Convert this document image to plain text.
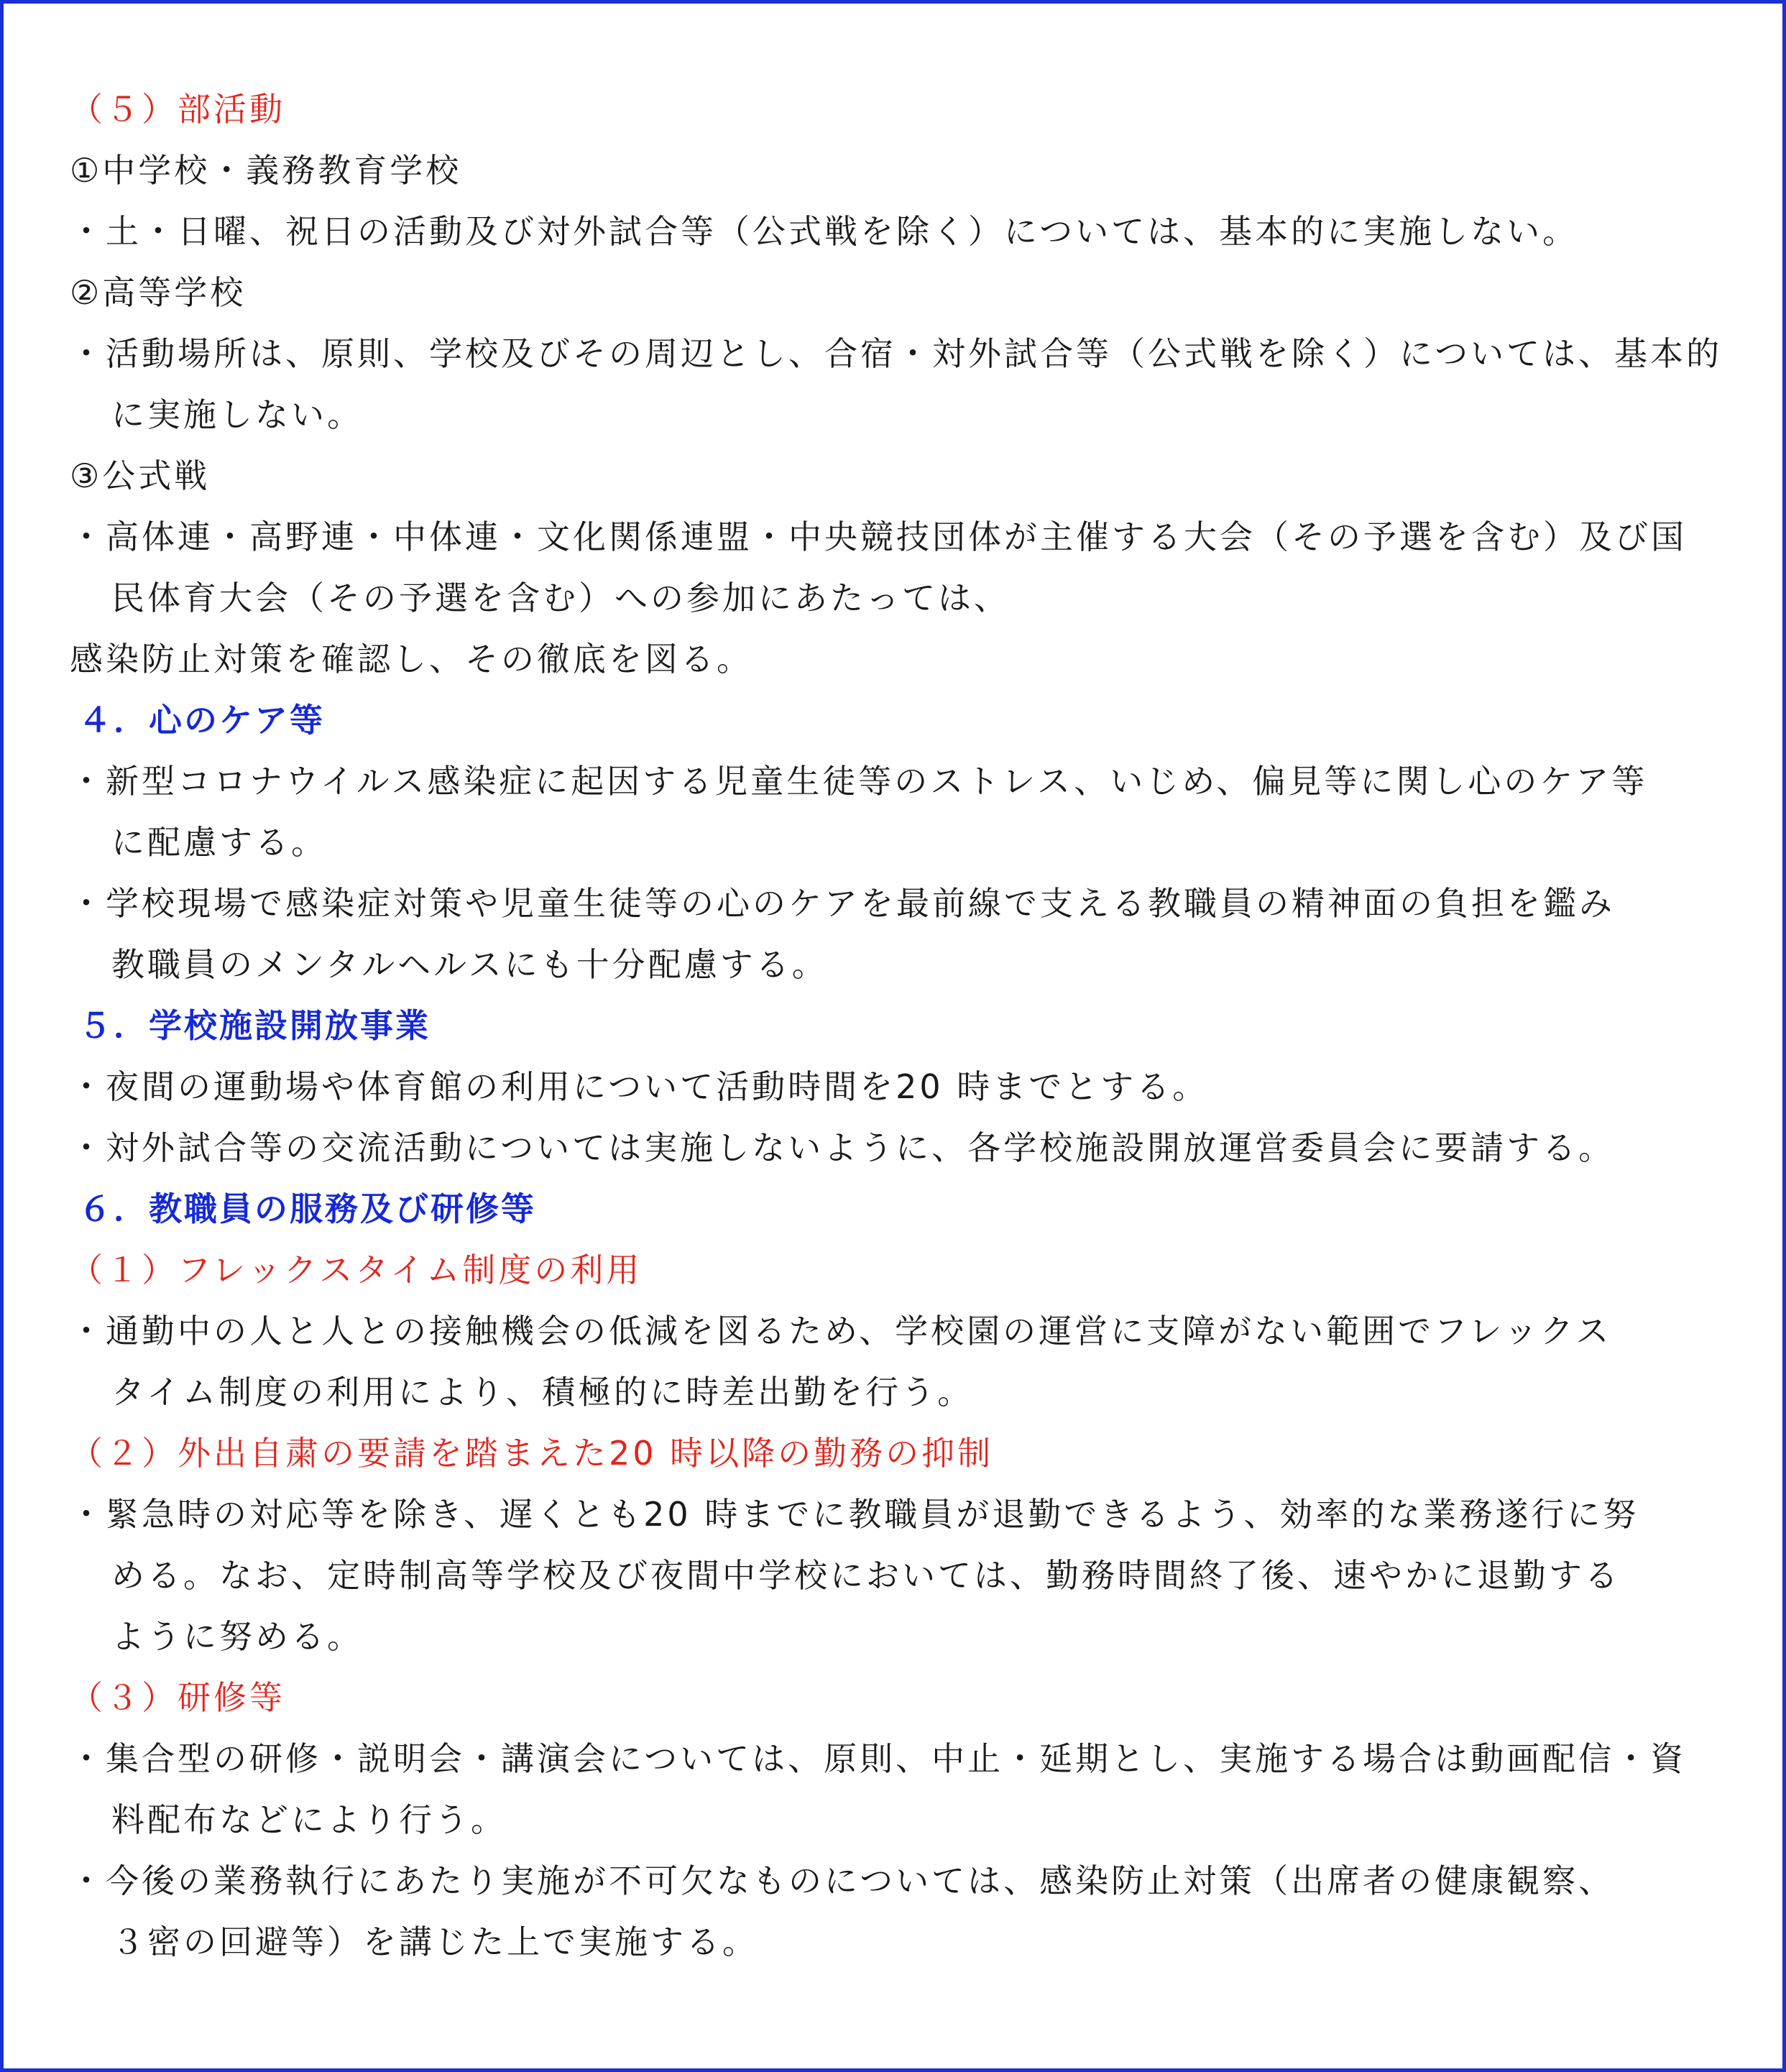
（５）部活動

①中学校・義務教育学校

・土・日曜、祝日の活動及び対外試合等（公式戦を除く）については、基本的に実施しない。

②高等学校

・活動場所は、原則、学校及びその周辺とし、合宿・対外試合等（公式戦を除く）については、基本的

に実施しない。

③公式戦

・高体連・高野連・中体連・文化関係連盟・中央競技団体が主催する大会（その予選を含む）及び国

民体育大会（その予選を含む）への参加にあたっては、

感染防止対策を確認し、その徹底を図る。

４．心のケア等

・新型コロナウイルス感染症に起因する児童生徒等のストレス、いじめ、偏見等に関し心のケア等

に配慮する。

・学校現場で感染症対策や児童生徒等の心のケアを最前線で支える教職員の精神面の負担を鑑み

教職員のメンタルヘルスにも十分配慮する。

５．学校施設開放事業

・夜間の運動場や体育館の利用について活動時間を20 時までとする。

・対外試合等の交流活動については実施しないように、各学校施設開放運営委員会に要請する。

６．教職員の服務及び研修等

（１）フレックスタイム制度の利用

・通勤中の人と人との接触機会の低減を図るため、学校園の運営に支障がない範囲でフレックス

タイム制度の利用により、積極的に時差出勤を行う。

（２）外出自粛の要請を踏まえた20 時以降の勤務の抑制

・緊急時の対応等を除き、遅くとも20 時までに教職員が退勤できるよう、効率的な業務遂行に努

める。なお、定時制高等学校及び夜間中学校においては、勤務時間終了後、速やかに退勤する

ように努める。

（３）研修等

・集合型の研修・説明会・講演会については、原則、中止・延期とし、実施する場合は動画配信・資

料配布などにより行う。

・今後の業務執行にあたり実施が不可欠なものについては、感染防止対策（出席者の健康観察、

３密の回避等）を講じた上で実施する。
